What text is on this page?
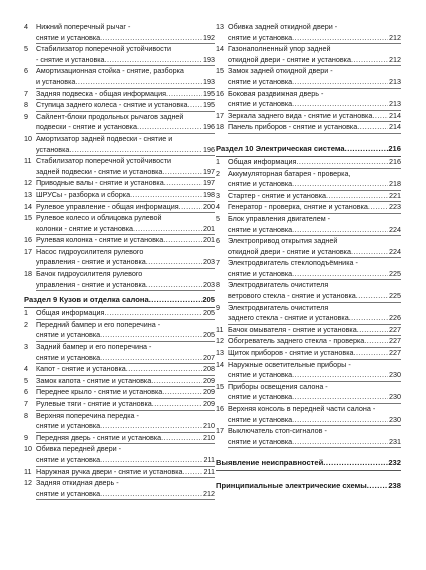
4	Нижний поперечный рычаг -
снятие и установка .....	192
5	Стабилизатор поперечной устойчивости
- снятие и установка .....	193
6	Амортизационная стойка - снятие, разборка
и установка .....	193
7	Задняя подвеска - общая информация .....	195
8	Ступица заднего колеса - снятие и установка ..... 195
9	Сайлент-блоки продольных рычагов задней
подвески - снятие и установка .....	196
10 Амортизатор задней подвески - снятие и
установка .....	196
11 Стабилизатор поперечной устойчивости
задней подвески - снятие и установка .....	197
12 Приводные валы - снятие и установка .....	197
13 ШРУСы - разборка и сборка .....	198
14 Рулевое управление - общая информация .....	200
15 Рулевое колесо и облицовка рулевой
колонки - снятие и установка .....	201
16 Рулевая колонка - снятие и установка .....	201
17 Насос гидроусилителя рулевого
управления - снятие и установка .....	203
18 Бачок гидроусилителя рулевого
управления - снятие и установка .....	203
Раздел 9 Кузов и отделка салона .....	205
1	Общая информация .....	205
2	Передний бампер и его поперечина -
снятие и установка .....	205
3	Задний бампер и его поперечина -
снятие и установка .....	207
4	Капот - снятие и установка .....	208
5	Замок капота - снятие и установка .....	209
6	Переднее крыло - снятие и установка .....	209
7	Рулевые тяги - снятие и установка .....	209
8	Верхняя поперечина передка -
снятие и установка .....	210
9	Передняя дверь - снятие и установка .....	210
10 Обивка передней двери -
снятие и установка .....	211
11 Наружная ручка двери - снятие и установка .....	211
12 Задняя откидная дверь -
снятие и установка .....	212
13 Обивка задней откидной двери -
снятие и установка .....	212
14 Газонаполненный упор задней
откидной двери - снятие и установка .....	212
15 Замок задней откидной двери -
снятие и установка .....	213
16 Боковая раздвижная дверь -
снятие и установка .....	213
17 Зеркала заднего вида - снятие и установка ..... 214
18 Панель приборов - снятие и установка .....	214
Раздел 10 Электрическая система .....	216
1	Общая информация .....	216
2	Аккумуляторная батарея - проверка,
снятие и установка .....	218
3	Стартер - снятие и установка .....	221
4	Генератор - проверка, снятие и установка .....	223
5	Блок управления двигателем -
снятие и установка .....	224
6	Электропривод открытия задней
откидной двери - снятие и установка .....	224
7	Электродвигатель стеклоподъёмника -
снятие и установка .....	225
8	Электродвигатель очистителя
ветрового стекла - снятие и установка .....	225
9	Электродвигатель очистителя
заднего стекла - снятие и установка .....	226
11 Бачок омывателя - снятие и установка .....	227
12 Обогреватель заднего стекла - проверка .....	227
13 Щиток приборов - снятие и установка .....	227
14 Наружные осветительные приборы -
снятие и установка .....	230
15 Приборы освещения салона -
снятие и установка .....	230
16 Верхняя консоль в передней части салона -
снятие и установка .....	230
17 Выключатель стоп-сигналов -
снятие и установка .....	231
Выявление неисправностей .....	232
Принципиальные электрические схемы .....	238
